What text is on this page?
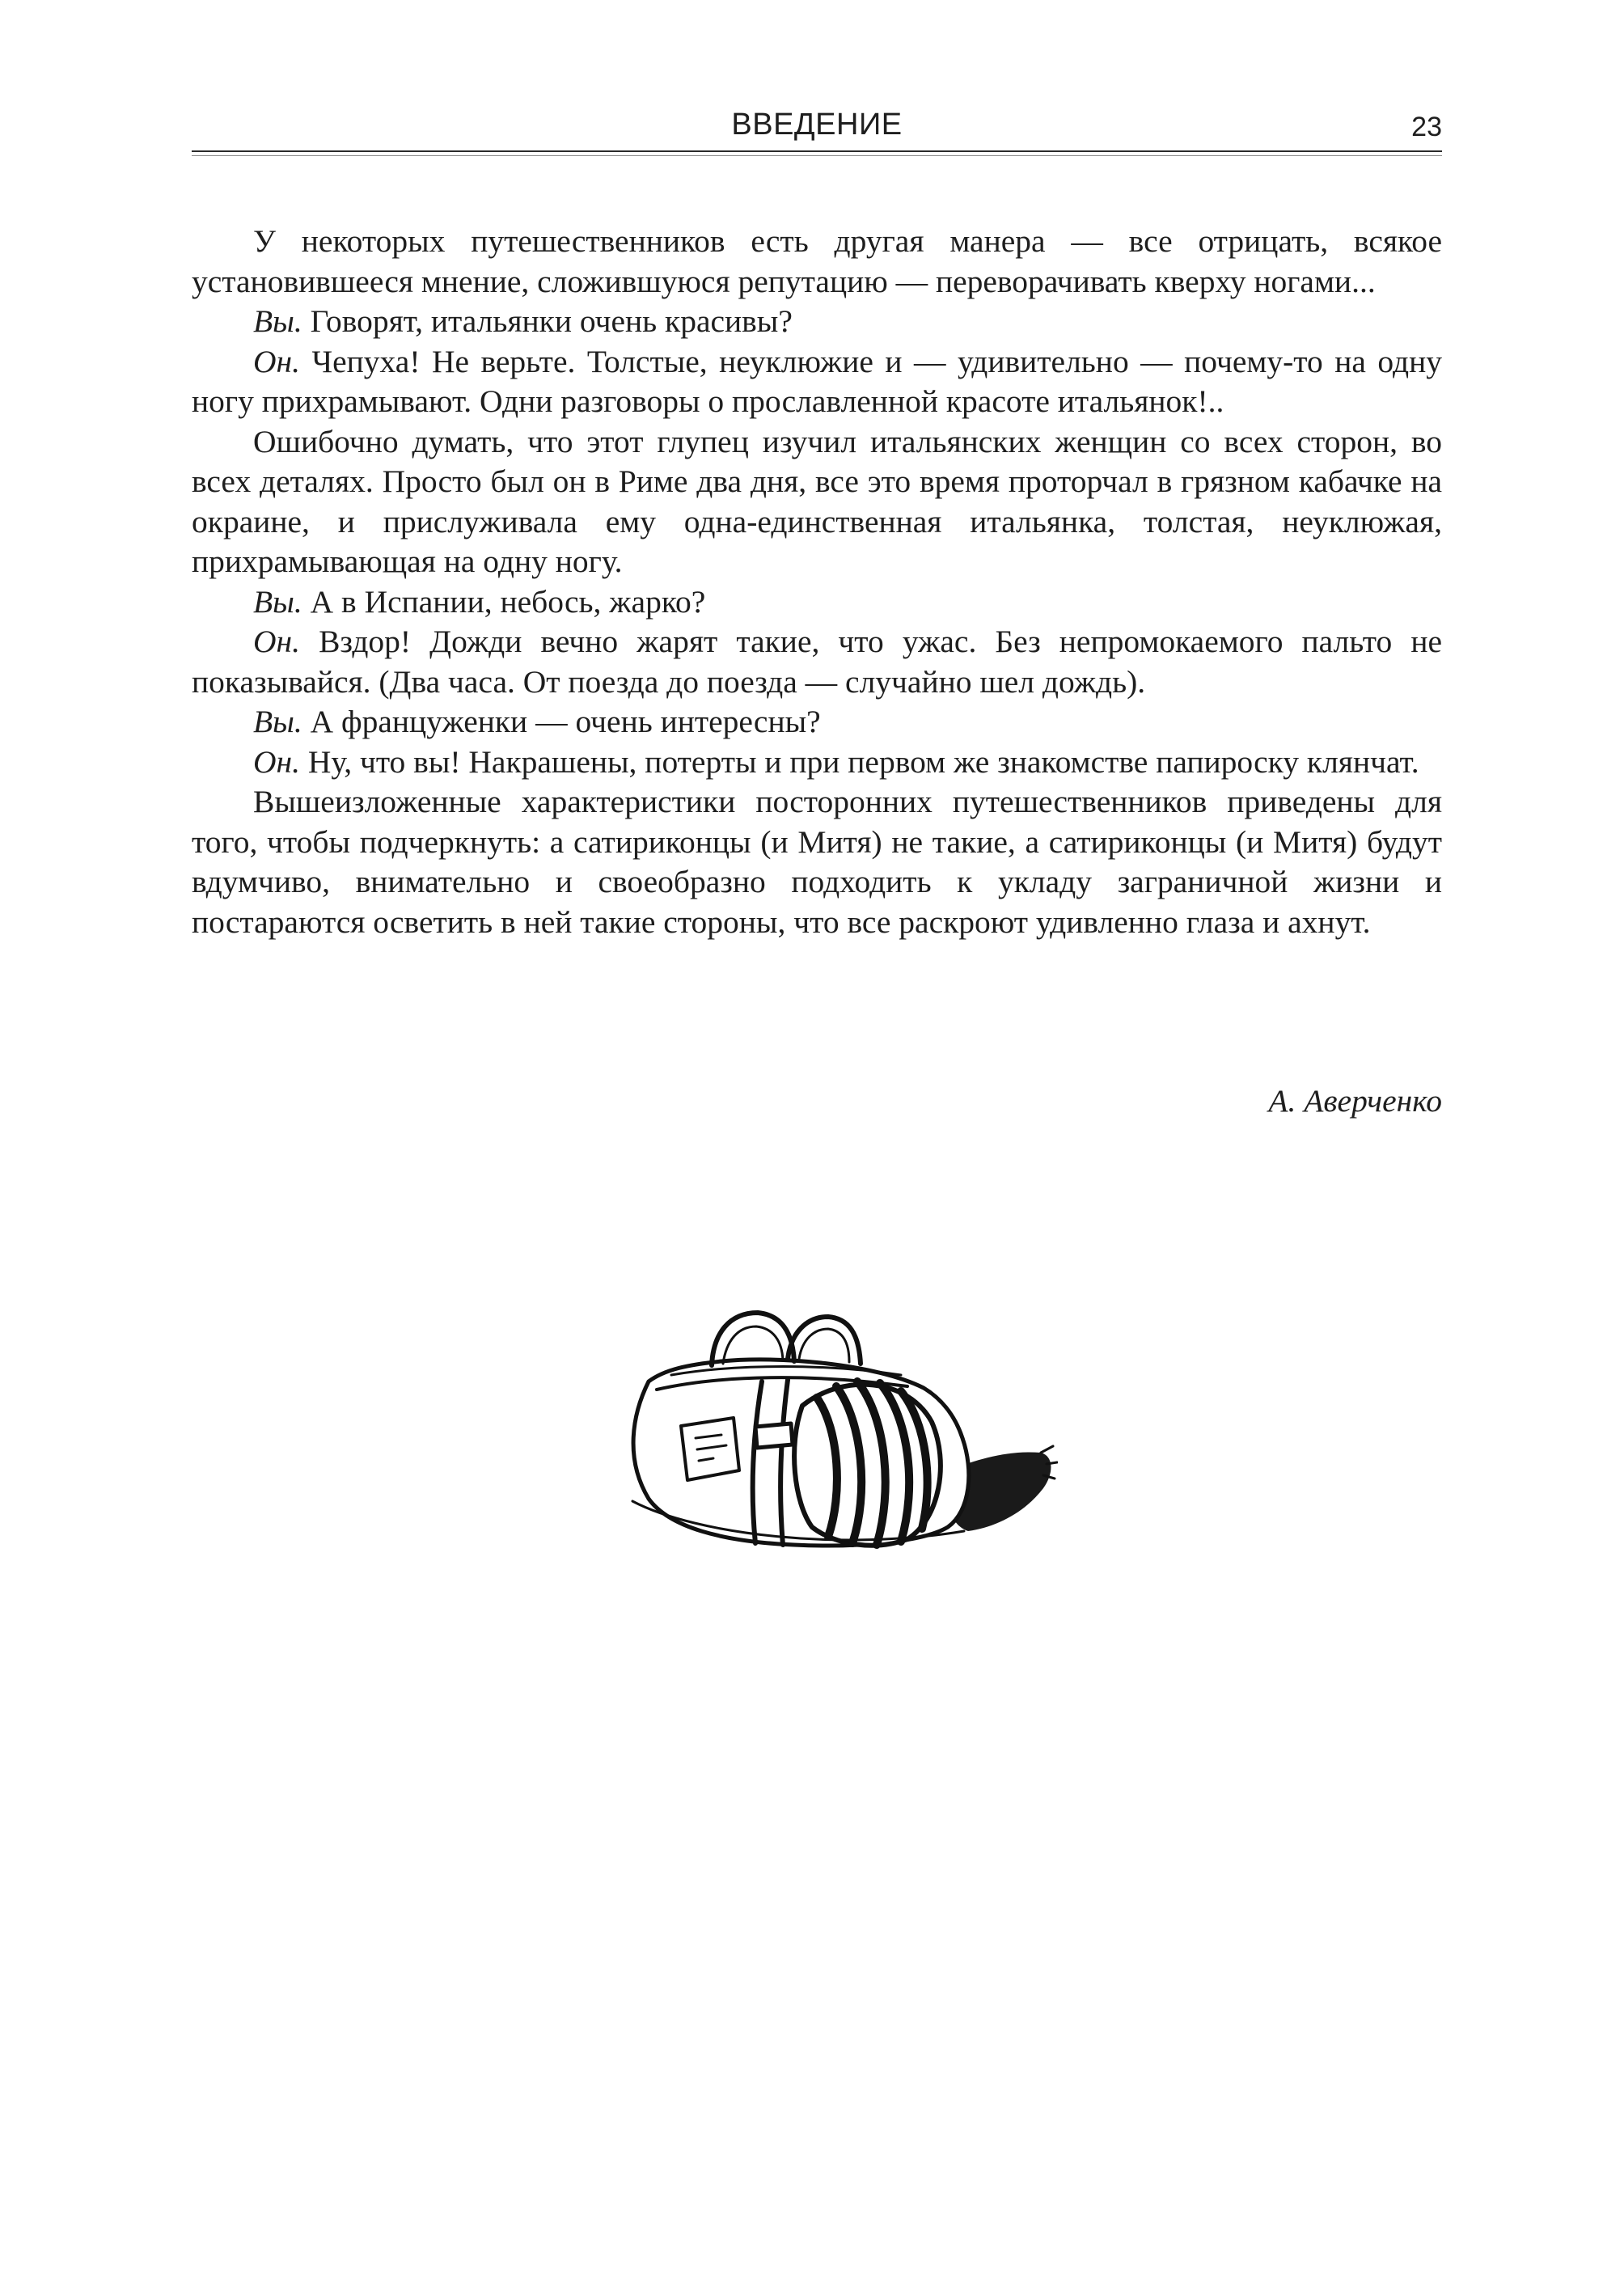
ВВЕДЕНИЕ	23

У некоторых путешественников есть другая манера — все отрицать, всякое установившееся мнение, сложившуюся репутацию — переворачивать кверху ногами...

Вы. Говорят, итальянки очень красивы?

Он. Чепуха! Не верьте. Толстые, неуклюжие и — удивительно — почему-то на одну ногу прихрамывают. Одни разговоры о прославленной красоте итальянок!..

Ошибочно думать, что этот глупец изучил итальянских женщин со всех сторон, во всех деталях. Просто был он в Риме два дня, все это время проторчал в грязном кабачке на окраине, и прислуживала ему одна-единственная итальянка, толстая, неуклюжая, прихрамывающая на одну ногу.

Вы. А в Испании, небось, жарко?

Он. Вздор! Дожди вечно жарят такие, что ужас. Без непромокаемого пальто не показывайся. (Два часа. От поезда до поезда — случайно шел дождь).

Вы. А француженки — очень интересны?

Он. Ну, что вы! Накрашены, потерты и при первом же знакомстве папироску клянчат.

Вышеизложенные характеристики посторонних путешественников приведены для того, чтобы подчеркнуть: а сатириконцы (и Митя) не такие, а сатириконцы (и Митя) будут вдумчиво, внимательно и своеобразно подходить к укладу заграничной жизни и постараются осветить в ней такие стороны, что все раскроют удивленно глаза и ахнут.

А. Аверченко
